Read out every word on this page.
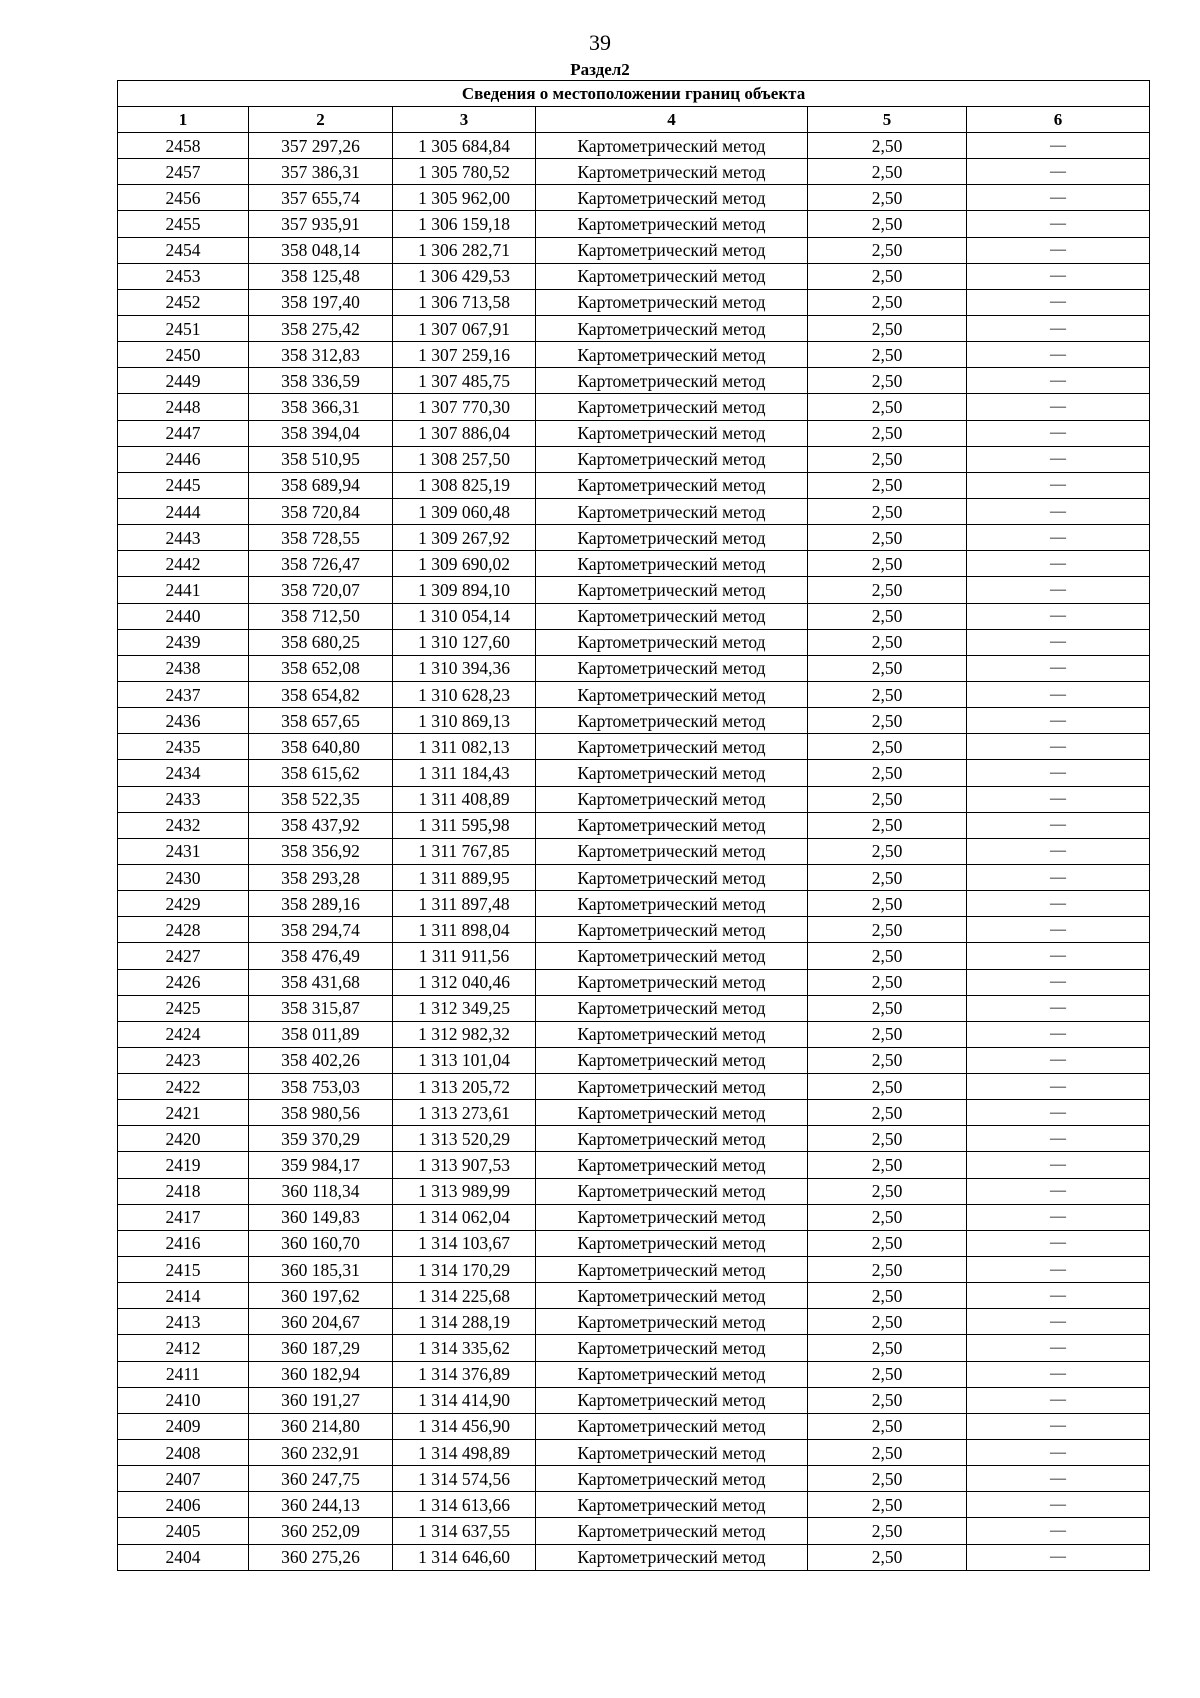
39
Раздел2
Сведения о местоположении границ объекта					
1	2	3	4	5	6
2458	357 297,26	1 305 684,84	Картометрический метод	2,50	—
2457	357 386,31	1 305 780,52	Картометрический метод	2,50	—
2456	357 655,74	1 305 962,00	Картометрический метод	2,50	—
2455	357 935,91	1 306 159,18	Картометрический метод	2,50	—
2454	358 048,14	1 306 282,71	Картометрический метод	2,50	—
2453	358 125,48	1 306 429,53	Картометрический метод	2,50	—
2452	358 197,40	1 306 713,58	Картометрический метод	2,50	—
2451	358 275,42	1 307 067,91	Картометрический метод	2,50	—
2450	358 312,83	1 307 259,16	Картометрический метод	2,50	—
2449	358 336,59	1 307 485,75	Картометрический метод	2,50	—
2448	358 366,31	1 307 770,30	Картометрический метод	2,50	—
2447	358 394,04	1 307 886,04	Картометрический метод	2,50	—
2446	358 510,95	1 308 257,50	Картометрический метод	2,50	—
2445	358 689,94	1 308 825,19	Картометрический метод	2,50	—
2444	358 720,84	1 309 060,48	Картометрический метод	2,50	—
2443	358 728,55	1 309 267,92	Картометрический метод	2,50	—
2442	358 726,47	1 309 690,02	Картометрический метод	2,50	—
2441	358 720,07	1 309 894,10	Картометрический метод	2,50	—
2440	358 712,50	1 310 054,14	Картометрический метод	2,50	—
2439	358 680,25	1 310 127,60	Картометрический метод	2,50	—
2438	358 652,08	1 310 394,36	Картометрический метод	2,50	—
2437	358 654,82	1 310 628,23	Картометрический метод	2,50	—
2436	358 657,65	1 310 869,13	Картометрический метод	2,50	—
2435	358 640,80	1 311 082,13	Картометрический метод	2,50	—
2434	358 615,62	1 311 184,43	Картометрический метод	2,50	—
2433	358 522,35	1 311 408,89	Картометрический метод	2,50	—
2432	358 437,92	1 311 595,98	Картометрический метод	2,50	—
2431	358 356,92	1 311 767,85	Картометрический метод	2,50	—
2430	358 293,28	1 311 889,95	Картометрический метод	2,50	—
2429	358 289,16	1 311 897,48	Картометрический метод	2,50	—
2428	358 294,74	1 311 898,04	Картометрический метод	2,50	—
2427	358 476,49	1 311 911,56	Картометрический метод	2,50	—
2426	358 431,68	1 312 040,46	Картометрический метод	2,50	—
2425	358 315,87	1 312 349,25	Картометрический метод	2,50	—
2424	358 011,89	1 312 982,32	Картометрический метод	2,50	—
2423	358 402,26	1 313 101,04	Картометрический метод	2,50	—
2422	358 753,03	1 313 205,72	Картометрический метод	2,50	—
2421	358 980,56	1 313 273,61	Картометрический метод	2,50	—
2420	359 370,29	1 313 520,29	Картометрический метод	2,50	—
2419	359 984,17	1 313 907,53	Картометрический метод	2,50	—
2418	360 118,34	1 313 989,99	Картометрический метод	2,50	—
2417	360 149,83	1 314 062,04	Картометрический метод	2,50	—
2416	360 160,70	1 314 103,67	Картометрический метод	2,50	—
2415	360 185,31	1 314 170,29	Картометрический метод	2,50	—
2414	360 197,62	1 314 225,68	Картометрический метод	2,50	—
2413	360 204,67	1 314 288,19	Картометрический метод	2,50	—
2412	360 187,29	1 314 335,62	Картометрический метод	2,50	—
2411	360 182,94	1 314 376,89	Картометрический метод	2,50	—
2410	360 191,27	1 314 414,90	Картометрический метод	2,50	—
2409	360 214,80	1 314 456,90	Картометрический метод	2,50	—
2408	360 232,91	1 314 498,89	Картометрический метод	2,50	—
2407	360 247,75	1 314 574,56	Картометрический метод	2,50	—
2406	360 244,13	1 314 613,66	Картометрический метод	2,50	—
2405	360 252,09	1 314 637,55	Картометрический метод	2,50	—
2404	360 275,26	1 314 646,60	Картометрический метод	2,50	—
